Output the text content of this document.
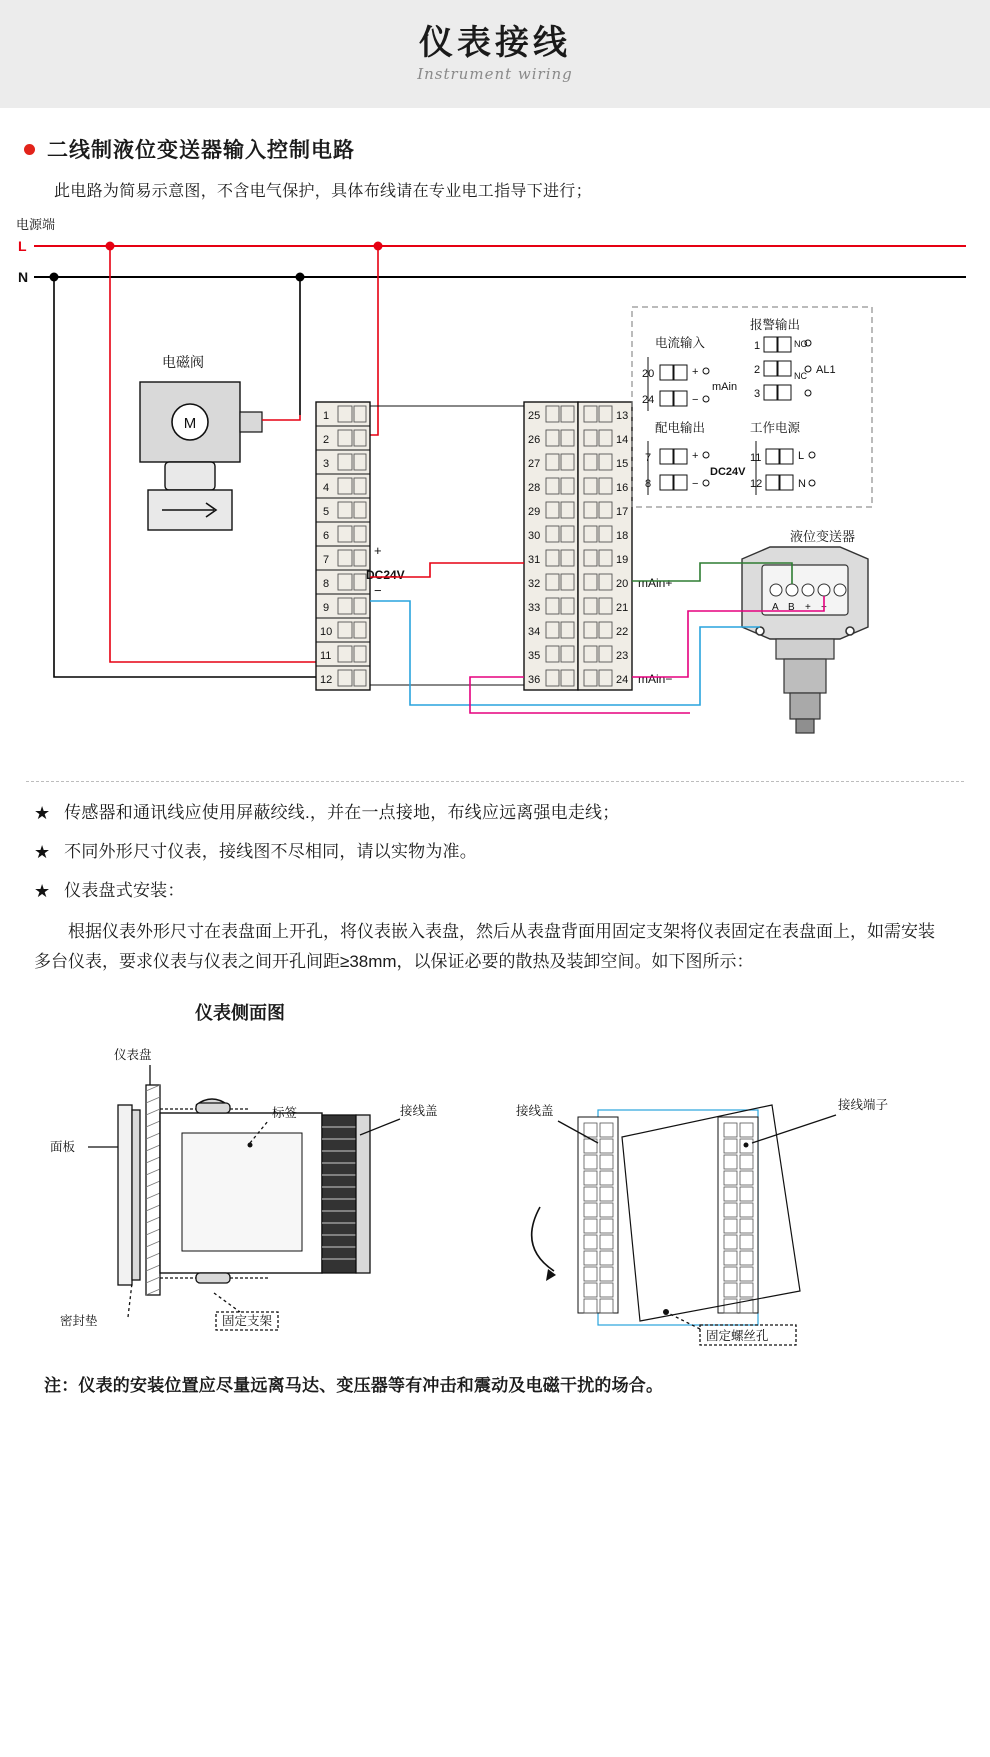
仪表接线
Instrument wiring
二线制液位变送器输入控制电路
此电路为简易示意图，不含电气保护，具体布线请在专业电工指导下进行；
电源端
L
N
电磁阀
M	1
2
3
4
5
6
7
8
9
10
11
12
+
DC24V
−
25
26
27
28
29
30
31
32
33
34
35
36
13
14
15
16
17
18
19
20
21
22
23
24
mAin+
mAin−
电流输入
报警输出
20	+
24	−
mAin
配电输出
7	+
8	−
DC24V
1	NO
2
3
NC AL1
工作电源
11	L
12	N
液位变送器
A B + −
★ 传感器和通讯线应使用屏蔽绞线.，并在一点接地，布线应远离强电走线；
★ 不同外形尺寸仪表，接线图不尽相同，请以实物为准。
★ 仪表盘式安装：

根据仪表外形尺寸在表盘面上开孔，将仪表嵌入表盘，然后从表盘背面用固定支架将仪表固定在表盘面上，如需安装多台仪表，要求仪表与仪表之间开孔间距≥38mm，以保证必要的散热及装卸空间。如下图所示：

仪表侧面图
仪表盘
面板
标签	接线盖
密封垫	固定支架
接线盖	接线端子
固定螺丝孔
注：仪表的安装位置应尽量远离马达、变压器等有冲击和震动及电磁干扰的场合。
